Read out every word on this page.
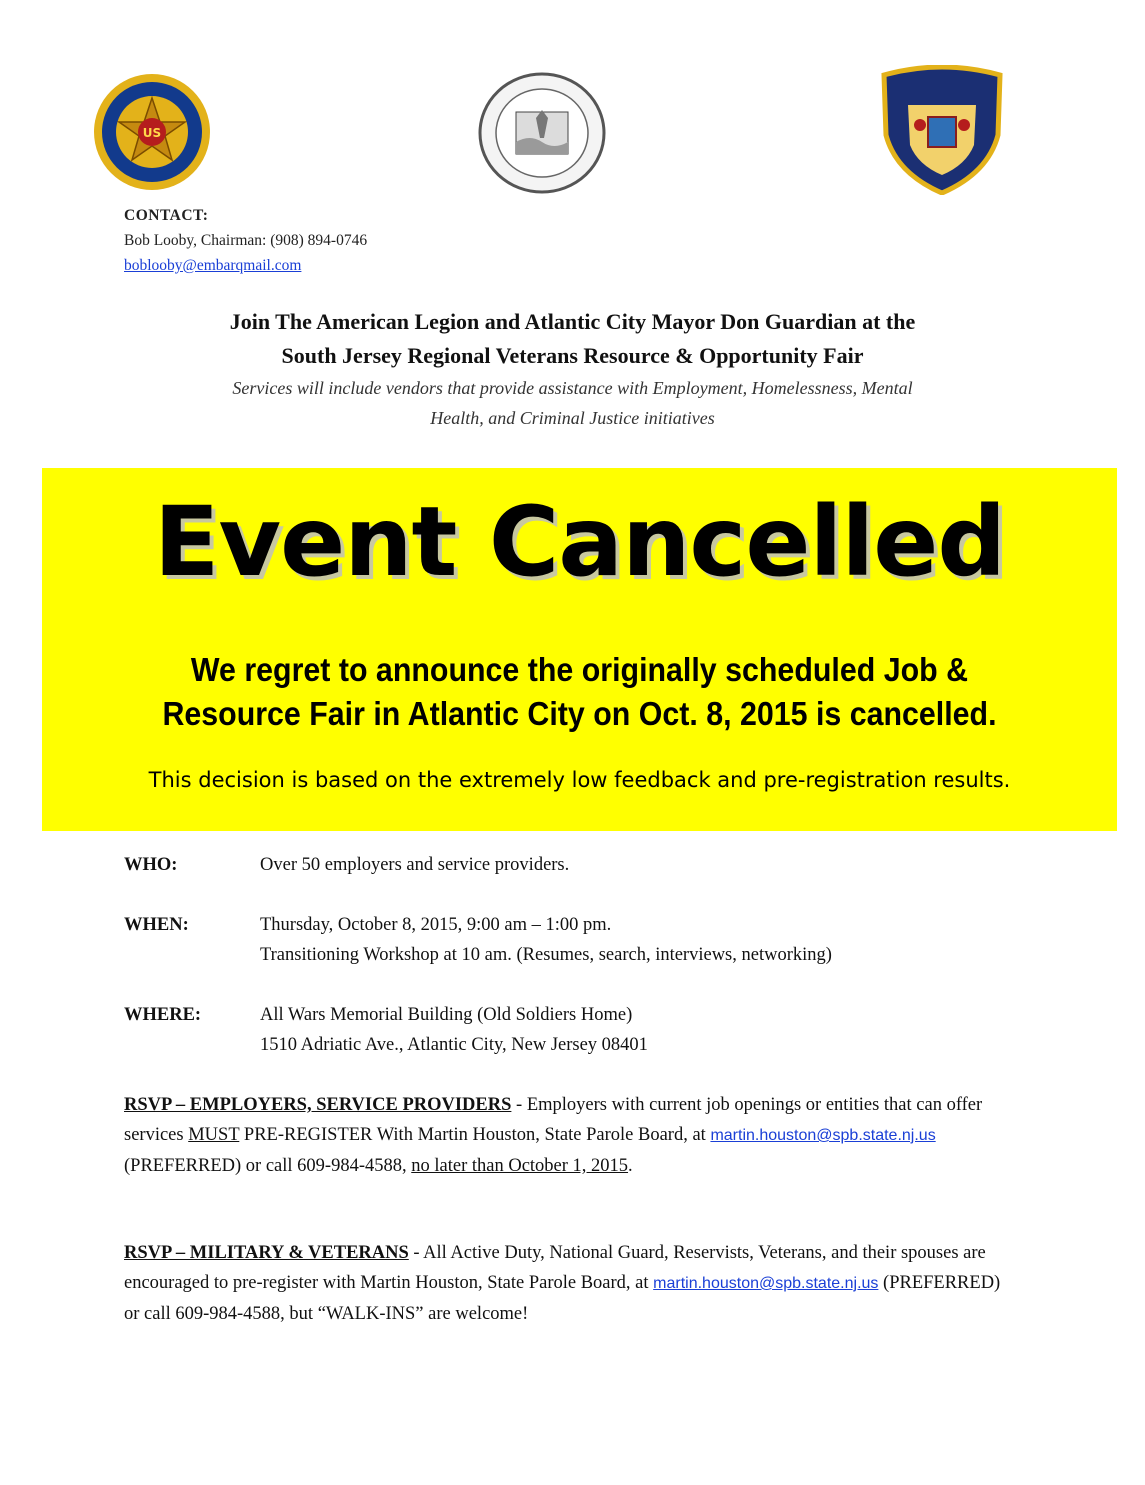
US
CONTACT:
Bob Looby, Chairman: (908) 894-0746
boblooby@embarqmail.com
Join The American Legion and Atlantic City Mayor Don Guardian at the
South Jersey Regional Veterans Resource & Opportunity Fair
Services will include vendors that provide assistance with Employment, Homelessness, Mental
Health, and Criminal Justice initiatives
Event Cancelled
We regret to announce the originally scheduled Job &
Resource Fair in Atlantic City on Oct. 8, 2015 is cancelled.
This decision is based on the extremely low feedback and pre-registration results.
WHO:	Over 50 employers and service providers.
WHEN:	Thursday, October 8, 2015, 9:00 am – 1:00 pm.
Transitioning Workshop at 10 am. (Resumes, search, interviews, networking)
WHERE:	All Wars Memorial Building (Old Soldiers Home)
1510 Adriatic Ave., Atlantic City, New Jersey 08401
RSVP – EMPLOYERS, SERVICE PROVIDERS - Employers with current job openings or entities that can offer services MUST PRE-REGISTER With Martin Houston, State Parole Board, at martin.houston@spb.state.nj.us (PREFERRED) or call 609-984-4588, no later than October 1, 2015.
RSVP – MILITARY & VETERANS - All Active Duty, National Guard, Reservists, Veterans, and their spouses are encouraged to pre-register with Martin Houston, State Parole Board, at martin.houston@spb.state.nj.us (PREFERRED) or call 609-984-4588, but “WALK-INS” are welcome!
